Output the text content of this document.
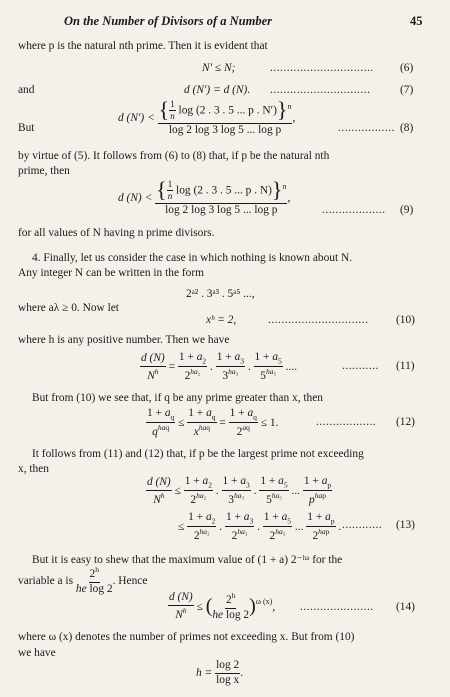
On the Number of Divisors of a Number	45
where p is the natural nth prime. Then it is evident that
N′ ≤ N;	............................... (6)
and	d (N′) = d (N). ..............................	(7)
But
d (N′) <
$\frac{\{ \frac{1}{n} \log (2 . 3 . 5 ... p . N')\}^n}{\text{log 2 log 3 log 5 ... log p}}$ ,
................. (8)
by virtue of (5). It follows from (6) to (8) that, if p be the natural nth
prime, then
d (N) <
{ $\frac{1}{n}$ log (2 . 3 . 5 ... p . N)}$^n$
log 2 log 3 log 5 ... log p
,
................... (9)
for all values of N having n prime divisors.
4. Finally, let us consider the case in which nothing is known about N.
Any integer N can be written in the form
2ᵃ² . 3ᵃ³ . 5ᵃ⁵ ...,
where aλ ≥ 0. Now let
xʰ = 2,	.............................. (10)
where h is any positive number. Then we have
d (N)
$N^h$ =
$1 + a_2$
$2^{ha_2}$ .
$1 + a_3$
$3^{ha_3}$ .
$1 + a_5$
$5^{ha_5}$ ....	........... (11)
But from (10) we see that, if q be any prime greater than x, then
$1 + a_q$
$q^{haq}$ ≤
$1 + a_q$
$x^{haq}$ =
$1 + a_q$
$2^{aq} \le 1$.	.................. (12)
It follows from (11) and (12) that, if p be the largest prime not exceeding
x, then
d (N)
$N^h$ ≤
$1 + a_2$
$2^{ha_2}$ .
$1 + a_3$
$3^{ha_3}$ .
$1 + a_5$
$5^{ha_5}$ ...
$1 + a_p$
$p^{hap}$
≤
$1 + a_2$
$2^{ha_2}$ .
$1 + a_3$
$2^{ha_3}$ .
$1 + a_5$
$2^{ha_5}$ ...
$1 + a_p$
$2^{hap}$ . ............ (13)
But it is easy to shew that the maximum value of (1 + a) 2⁻ʰᵃ for the
variable a is

2$^h$
he log 2
. Hence
d (N)
$N^h$ ≤ ( 2$^h$
he log 2 ) ω (x) , ...................... (14)
where ω (x) denotes the number of primes not exceeding x. But from (10)
we have
h =
$\frac{\log 2}{\text{log x}}$ .
